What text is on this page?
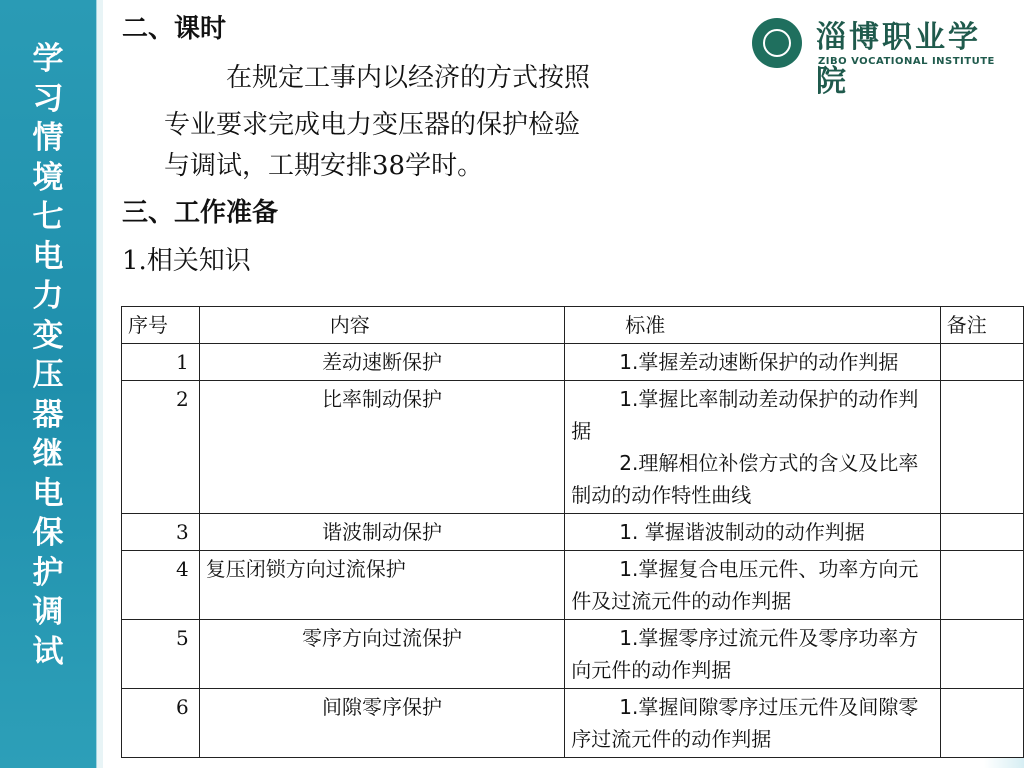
学
习
情
境
七
电
力
变
压
器
继
电
保
护
调
试
淄博职业学院
ZIBO VOCATIONAL INSTITUTE
二、课时
在规定工事内以经济的方式按照
专业要求完成电力变压器的保护检验
与调试，工期安排38学时。
三、工作准备
1.相关知识
序号	内容	标准	备注
1	差动速断保护	1.掌握差动速断保护的动作判据	

2	比率制动保护	1.掌握比率制动差动保护的动作判据
2.理解相位补偿方式的含义及比率制动的动作特性曲线	

3	谐波制动保护	1. 掌握谐波制动的动作判据	

4	复压闭锁方向过流保护	1.掌握复合电压元件、功率方向元件及过流元件的动作判据	

5	零序方向过流保护	1.掌握零序过流元件及零序功率方向元件的动作判据	

6	间隙零序保护	1.掌握间隙零序过压元件及间隙零序过流元件的动作判据	
